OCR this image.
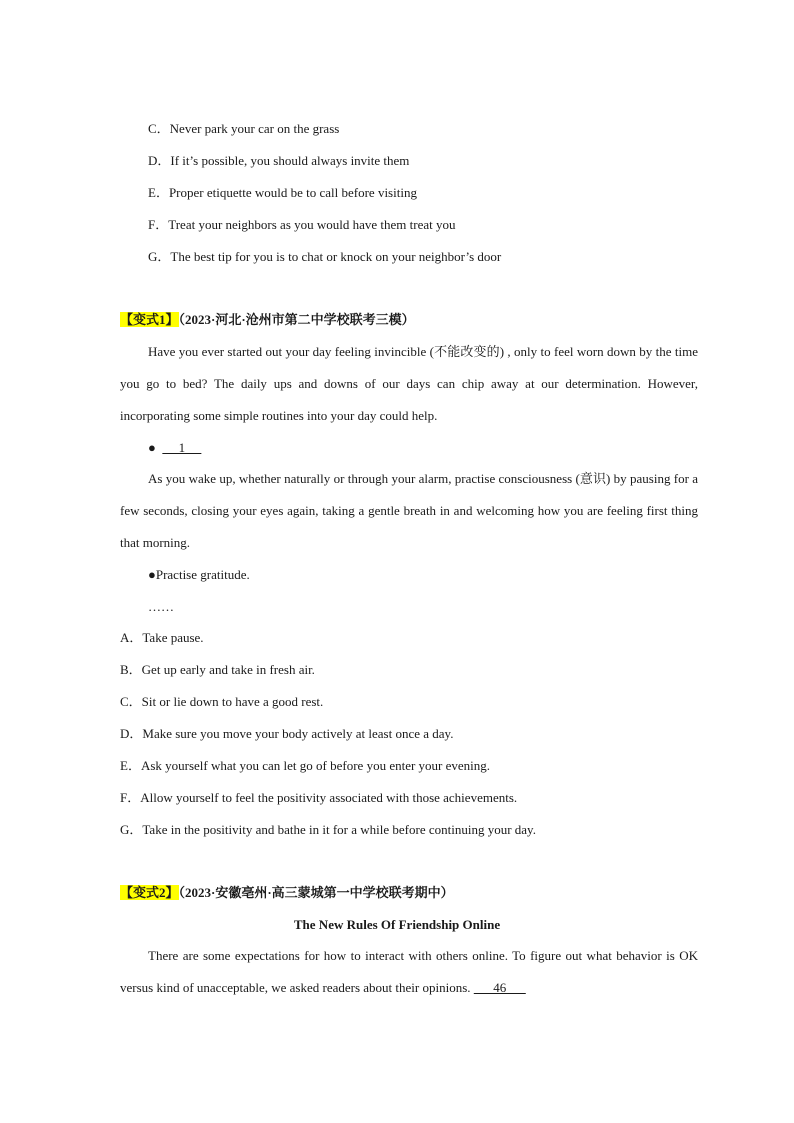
C．Never park your car on the grass
D．If it’s possible, you should always invite them
E．Proper etiquette would be to call before visiting
F．Treat your neighbors as you would have them treat you
G．The best tip for you is to chat or knock on your neighbor’s door
【变式1】（2023·河北·沧州市第二中学校联考三模）
Have you ever started out your day feeling invincible (不能改变的) , only to feel worn down by the time you go to bed? The daily ups and downs of our days can chip away at our determination. However, incorporating some simple routines into your day could help.
●       1
As you wake up, whether naturally or through your alarm, practise consciousness (意识) by pausing for a few seconds, closing your eyes again, taking a gentle breath in and welcoming how you are feeling first thing that morning.
●Practise gratitude.
……
A．Take pause.
B．Get up early and take in fresh air.
C．Sit or lie down to have a good rest.
D．Make sure you move your body actively at least once a day.
E．Ask yourself what you can let go of before you enter your evening.
F．Allow yourself to feel the positivity associated with those achievements.
G．Take in the positivity and bathe in it for a while before continuing your day.
【变式2】（2023·安徽亳州·高三蒙城第一中学校联考期中）
The New Rules Of Friendship Online
There are some expectations for how to interact with others online. To figure out what behavior is OK versus kind of unacceptable, we asked readers about their opinions.       46
